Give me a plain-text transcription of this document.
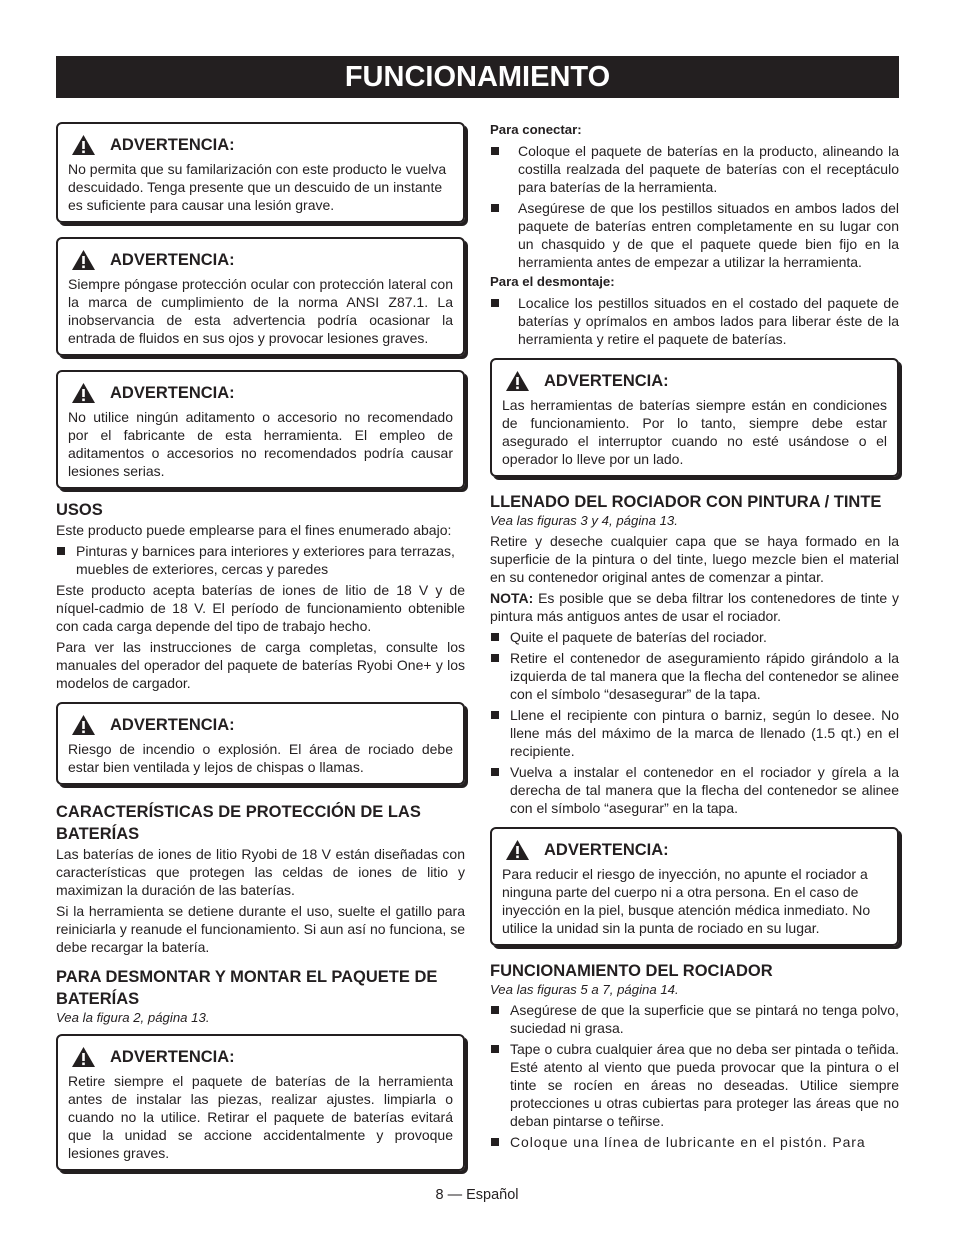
FUNCIONAMIENTO
ADVERTENCIA:
No permita que su familarización con este producto le vuelva descuidado. Tenga presente que un descuido de un instante es suficiente para causar una lesión grave.
ADVERTENCIA:
Siempre póngase protección ocular con protección lateral con la marca de cumplimiento de la norma ANSI Z87.1. La inobservancia de esta advertencia podría ocasionar la entrada de fluidos en sus ojos y provocar lesiones graves.
ADVERTENCIA:
No utilice ningún aditamento o accesorio no recomendado por el fabricante de esta herramienta. El empleo de aditamentos o accesorios no recomendados podría causar lesiones serias.
USOS

Este producto puede emplearse para el fines enumerado abajo:

Pinturas y barnices para interiores y exteriores para terrazas, muebles de exteriores, cercas y paredes

Este producto acepta baterías de iones de litio de 18 V y de níquel-cadmio de 18 V. El período de funcionamiento obtenible con cada carga depende del tipo de trabajo hecho.

Para ver las instrucciones de carga completas, consulte los manuales del operador del paquete de baterías Ryobi One+ y los modelos de cargador.

ADVERTENCIA:
Riesgo de incendio o explosión. El área de rociado debe estar bien ventilada y lejos de chispas o llamas.
CARACTERÍSTICAS DE PROTECCIÓN DE LAS BATERÍAS

Las baterías de iones de litio Ryobi de 18 V están diseñadas con características que protegen las celdas de iones de litio y maximizan la duración de las baterías.

Si la herramienta se detiene durante el uso, suelte el gatillo para reiniciarla y reanude el funcionamiento. Si aun así no funciona, se debe recargar la batería.

PARA DESMONTAR Y MONTAR EL PAQUETE DE BATERÍAS
Vea la figura 2, página 13.
ADVERTENCIA:
Retire siempre el paquete de baterías de la herramienta antes de instalar las piezas, realizar ajustes. limpiarla o cuando no la utilice. Retirar el paquete de baterías evitará que la unidad se accione accidentalmente y provoque lesiones graves.
Para conectar:
Coloque el paquete de baterías en la producto, alineando la costilla realzada del paquete de baterías con el receptáculo para baterías de la herramienta.
Asegúrese de que los pestillos situados en ambos lados del paquete de baterías entren completamente en su lugar con un chasquido y de que el paquete quede bien fijo en la herramienta antes de empezar a utilizar la herramienta.
Para el desmontaje:
Localice los pestillos situados en el costado del paquete de baterías y oprímalos en ambos lados para liberar éste de la herramienta y retire el paquete de baterías.
ADVERTENCIA:
Las herramientas de baterías siempre están en condiciones de funcionamiento. Por lo tanto, siempre debe estar asegurado el interruptor cuando no esté usándose o el operador lo lleve por un lado.
LLENADO DEL ROCIADOR CON PINTURA / TINTE
Vea las figuras 3 y 4, página 13.

Retire y deseche cualquier capa que se haya formado en la superficie de la pintura o del tinte, luego mezcle bien el material en su contenedor original antes de comenzar a pintar.

NOTA: Es posible que se deba filtrar los contenedores de tinte y pintura más antiguos antes de usar el rociador.

Quite el paquete de baterías del rociador.
Retire el contenedor de aseguramiento rápido girándolo a la izquierda de tal manera que la flecha del contenedor se alinee con el símbolo “desasegurar” de la tapa.
Llene el recipiente con pintura o barniz, según lo desee. No llene más del máximo de la marca de llenado (1.5 qt.) en el recipiente.
Vuelva a instalar el contenedor en el rociador y gírela a la derecha de tal manera que la flecha del contenedor se alinee con el símbolo “asegurar” en la tapa.
ADVERTENCIA:
Para reducir el riesgo de inyección, no apunte el rociador a ninguna parte del cuerpo ni a otra persona. En el caso de inyección en la piel, busque atención médica inmediato. No utilice la unidad sin la punta de rociado en su lugar.
FUNCIONAMIENTO DEL ROCIADOR
Vea las figuras 5 a 7, página 14.
Asegúrese de que la superficie que se pintará no tenga polvo, suciedad ni grasa.
Tape o cubra cualquier área que no deba ser pintada o teñida. Esté atento al viento que pueda provocar que la pintura o el tinte se rocíen en áreas no deseadas. Utilice siempre protecciones u otras cubiertas para proteger las áreas que no deban pintarse o teñirse.
Coloque una línea de lubricante en el pistón. Para
8 — Español
